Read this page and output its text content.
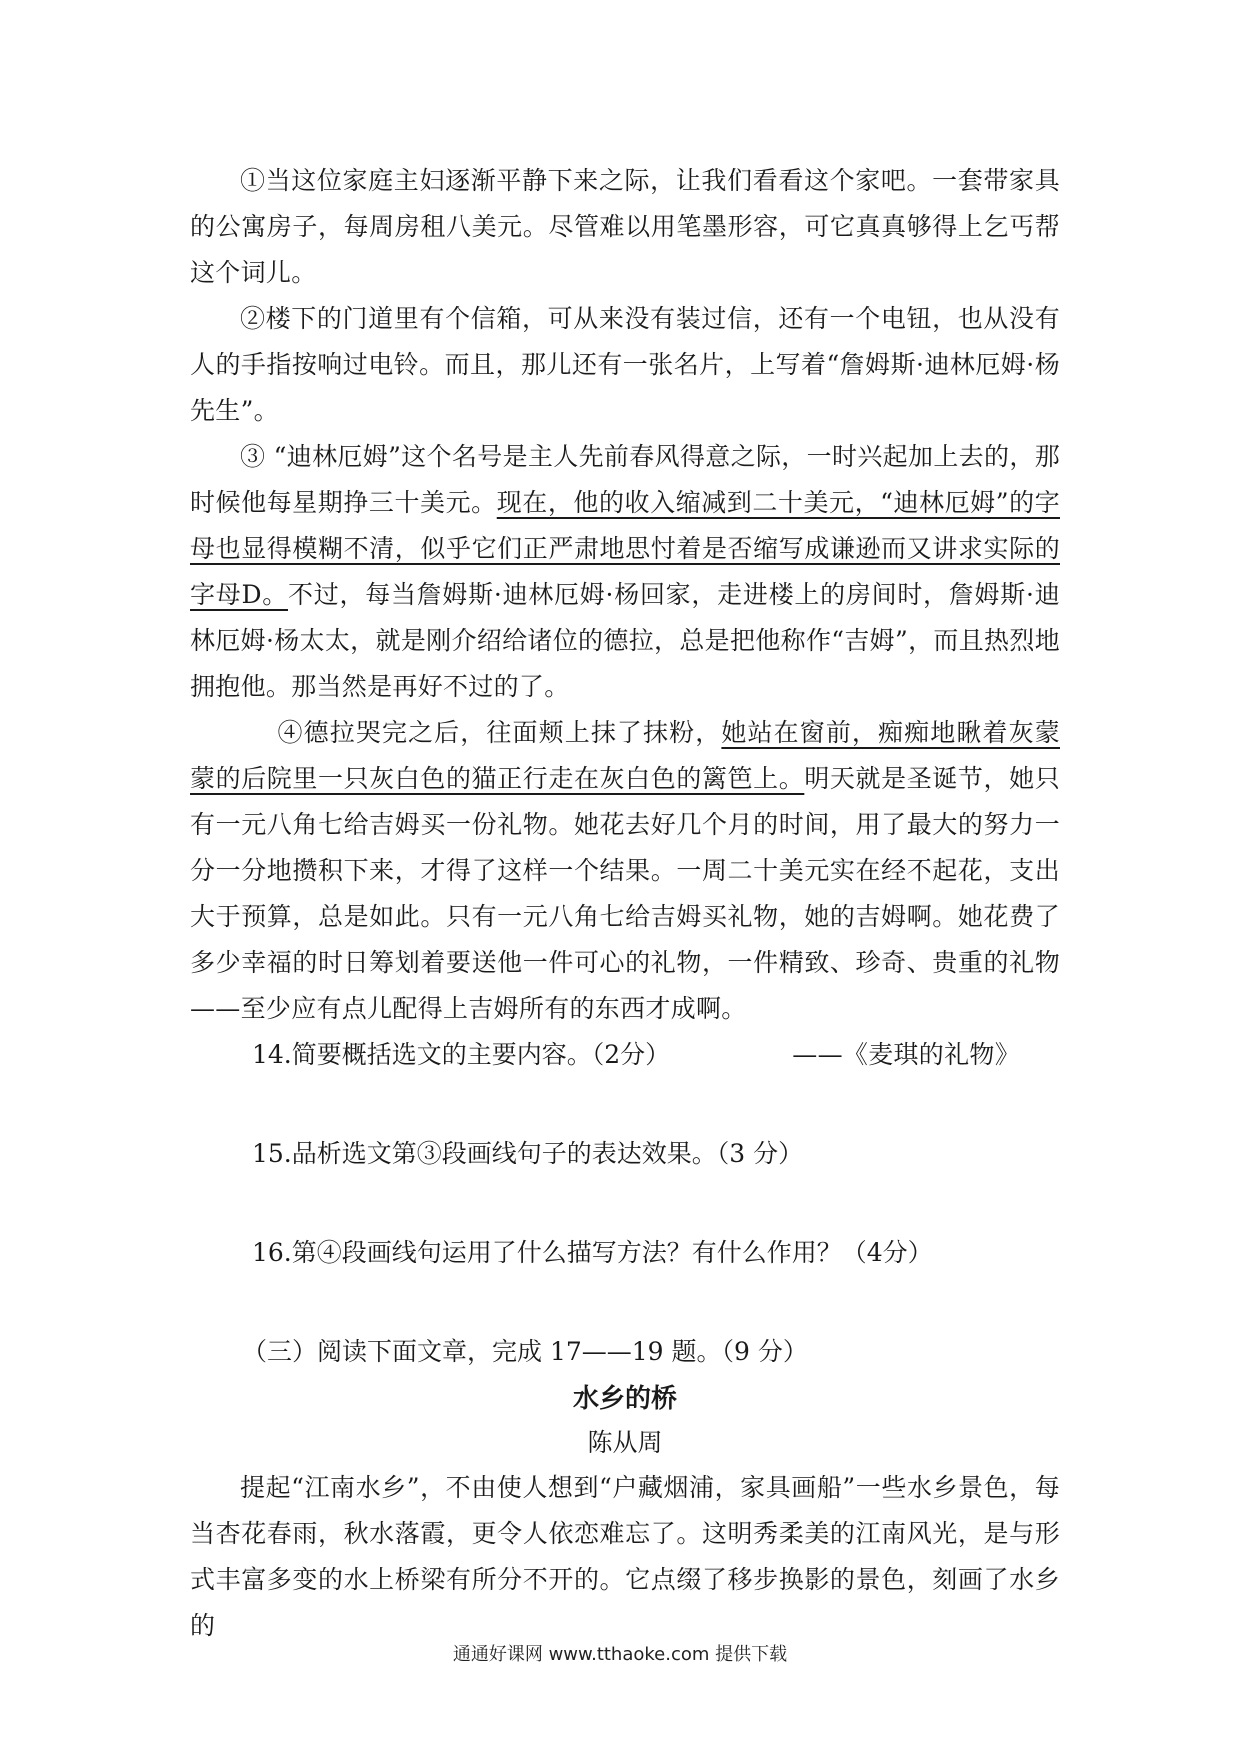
①当这位家庭主妇逐渐平静下来之际，让我们看看这个家吧。一套带家具的公寓房子，每周房租八美元。尽管难以用笔墨形容，可它真真够得上乞丐帮这个词儿。

②楼下的门道里有个信箱，可从来没有装过信，还有一个电钮，也从没有人的手指按响过电铃。而且，那儿还有一张名片，上写着“詹姆斯·迪林厄姆·杨先生”。

③ “迪林厄姆”这个名号是主人先前春风得意之际，一时兴起加上去的，那时候他每星期挣三十美元。现在，他的收入缩减到二十美元，“迪林厄姆”的字母也显得模糊不清，似乎它们正严肃地思忖着是否缩写成谦逊而又讲求实际的字母D。不过，每当詹姆斯·迪林厄姆·杨回家，走进楼上的房间时，詹姆斯·迪林厄姆·杨太太，就是刚介绍给诸位的德拉，总是把他称作“吉姆”，而且热烈地拥抱他。那当然是再好不过的了。

④德拉哭完之后，往面颊上抹了抹粉，她站在窗前，痴痴地瞅着灰蒙蒙的后院里一只灰白色的猫正行走在灰白色的篱笆上。明天就是圣诞节，她只有一元八角七给吉姆买一份礼物。她花去好几个月的时间，用了最大的努力一分一分地攒积下来，才得了这样一个结果。一周二十美元实在经不起花，支出大于预算，总是如此。只有一元八角七给吉姆买礼物，她的吉姆啊。她花费了多少幸福的时日筹划着要送他一件可心的礼物，一件精致、珍奇、贵重的礼物——至少应有点儿配得上吉姆所有的东西才成啊。
——《麦琪的礼物》

14.简要概括选文的主要内容。（2分）

15.品析选文第③段画线句子的表达效果。（3 分）

16.第④段画线句运用了什么描写方法？有什么作用？（4分）

（三）阅读下面文章，完成 17——19 题。（9 分）

水乡的桥

陈从周

提起“江南水乡”，不由使人想到“户藏烟浦，家具画船”一些水乡景色，每当杏花春雨，秋水落霞，更令人依恋难忘了。这明秀柔美的江南风光，是与形式丰富多变的水上桥梁有所分不开的。它点缀了移步换影的景色，刻画了水乡的

通通好课网 www.tthaoke.com 提供下载
